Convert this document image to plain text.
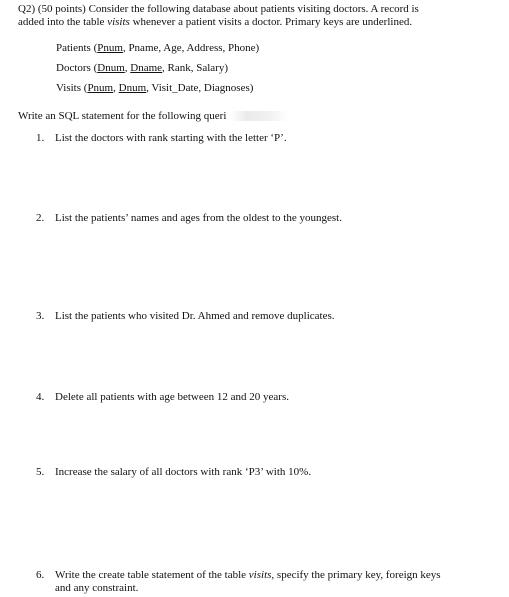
Q2) (50 points) Consider the following database about patients visiting doctors. A record is

added into the table visits whenever a patient visits a doctor. Primary keys are underlined.

Patients (Pnum, Pname, Age, Address, Phone)

Doctors (Dnum, Dname, Rank, Salary)

Visits (Pnum, Dnum, Visit_Date, Diagnoses)

Write an SQL statement for the following queri
1. List the doctors with rank starting with the letter ‘P’.
2. List the patients’ names and ages from the oldest to the youngest.
3. List the patients who visited Dr. Ahmed and remove duplicates.
4. Delete all patients with age between 12 and 20 years.
5. Increase the salary of all doctors with rank ‘P3’ with 10%.
6. Write the create table statement of the table visits, specify the primary key, foreign keys
and any constraint.
